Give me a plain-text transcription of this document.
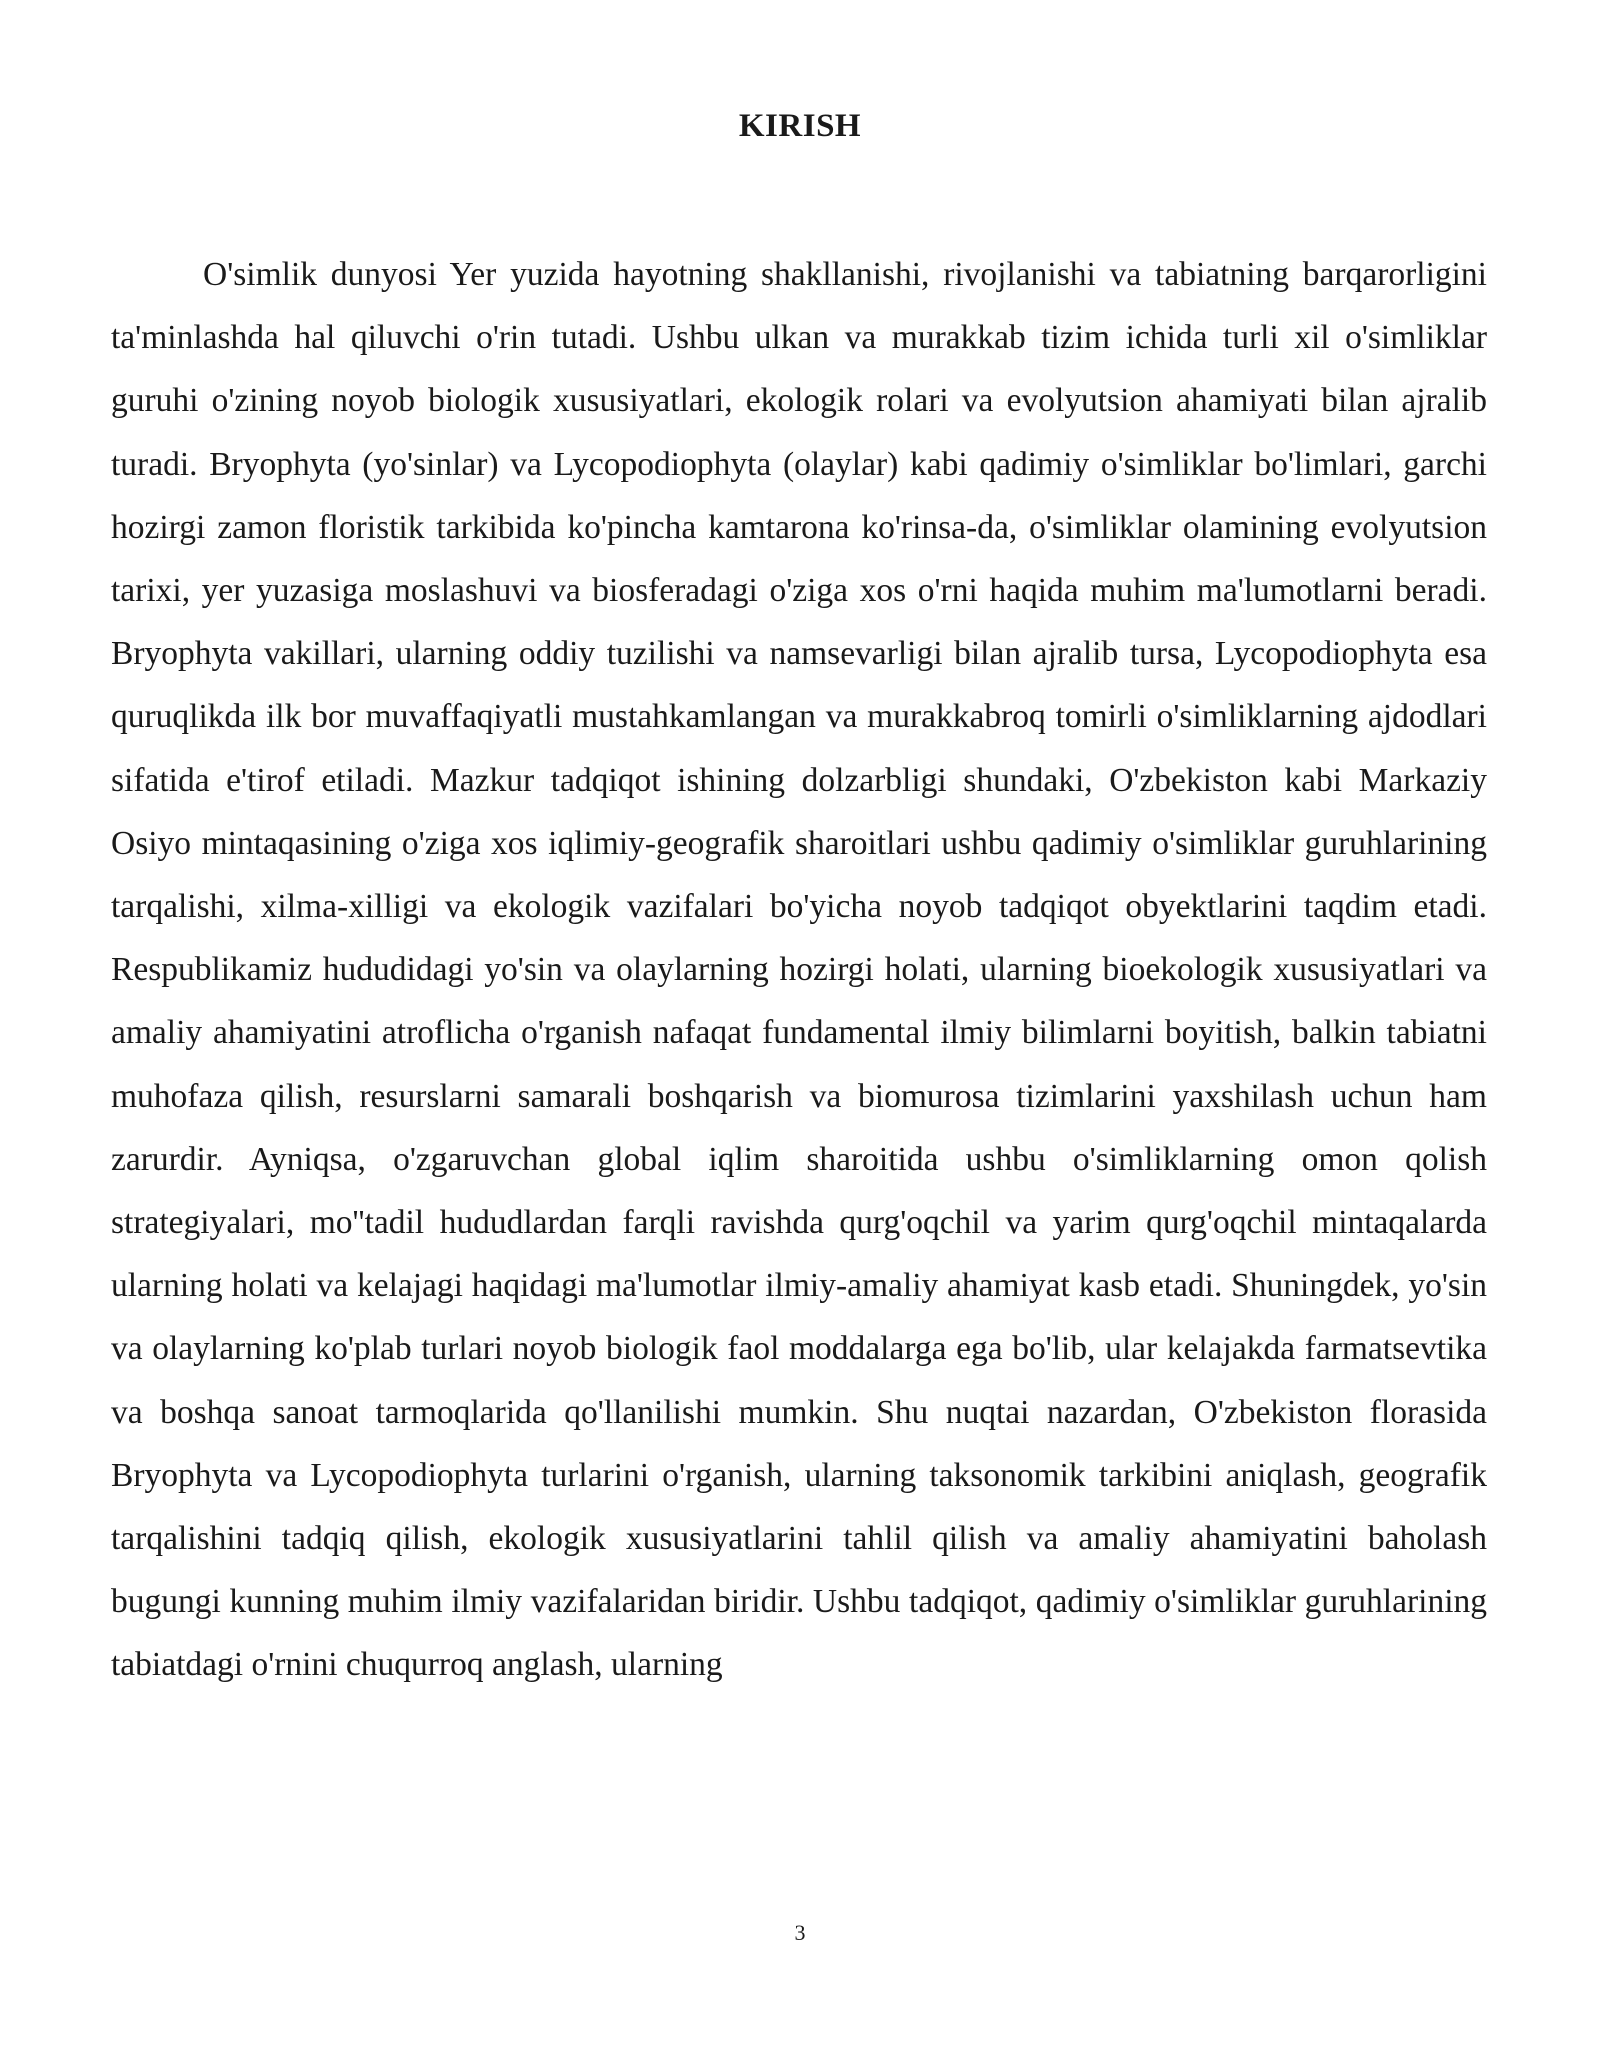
KIRISH

O'simlik dunyosi Yer yuzida hayotning shakllanishi, rivojlanishi va tabiatning barqarorligini ta'minlashda hal qiluvchi o'rin tutadi. Ushbu ulkan va murakkab tizim ichida turli xil o'simliklar guruhi o'zining noyob biologik xususiyatlari, ekologik rolari va evolyutsion ahamiyati bilan ajralib turadi. Bryophyta (yo'sinlar) va Lycopodiophyta (olaylar) kabi qadimiy o'simliklar bo'limlari, garchi hozirgi zamon floristik tarkibida ko'pincha kamtarona ko'rinsa-da, o'simliklar olamining evolyutsion tarixi, yer yuzasiga moslashuvi va biosferadagi o'ziga xos o'rni haqida muhim ma'lumotlarni beradi. Bryophyta vakillari, ularning oddiy tuzilishi va namsevarligi bilan ajralib tursa, Lycopodiophyta esa quruqlikda ilk bor muvaffaqiyatli mustahkamlangan va murakkabroq tomirli o'simliklarning ajdodlari sifatida e'tirof etiladi. Mazkur tadqiqot ishining dolzarbligi shundaki, O'zbekiston kabi Markaziy Osiyo mintaqasining o'ziga xos iqlimiy-geografik sharoitlari ushbu qadimiy o'simliklar guruhlarining tarqalishi, xilma-xilligi va ekologik vazifalari bo'yicha noyob tadqiqot obyektlarini taqdim etadi. Respublikamiz hududidagi yo'sin va olaylarning hozirgi holati, ularning bioekologik xususiyatlari va amaliy ahamiyatini atroflicha o'rganish nafaqat fundamental ilmiy bilimlarni boyitish, balkin tabiatni muhofaza qilish, resurslarni samarali boshqarish va biomurosa tizimlarini yaxshilash uchun ham zarurdir. Ayniqsa, o'zgaruvchan global iqlim sharoitida ushbu o'simliklarning omon qolish strategiyalari, mo''tadil hududlardan farqli ravishda qurg'oqchil va yarim qurg'oqchil mintaqalarda ularning holati va kelajagi haqidagi ma'lumotlar ilmiy-amaliy ahamiyat kasb etadi. Shuningdek, yo'sin va olaylarning ko'plab turlari noyob biologik faol moddalarga ega bo'lib, ular kelajakda farmatsevtika va boshqa sanoat tarmoqlarida qo'llanilishi mumkin. Shu nuqtai nazardan, O'zbekiston florasida Bryophyta va Lycopodiophyta turlarini o'rganish, ularning taksonomik tarkibini aniqlash, geografik tarqalishini tadqiq qilish, ekologik xususiyatlarini tahlil qilish va amaliy ahamiyatini baholash bugungi kunning muhim ilmiy vazifalaridan biridir. Ushbu tadqiqot, qadimiy o'simliklar guruhlarining tabiatdagi o'rnini chuqurroq anglash, ularning

3
